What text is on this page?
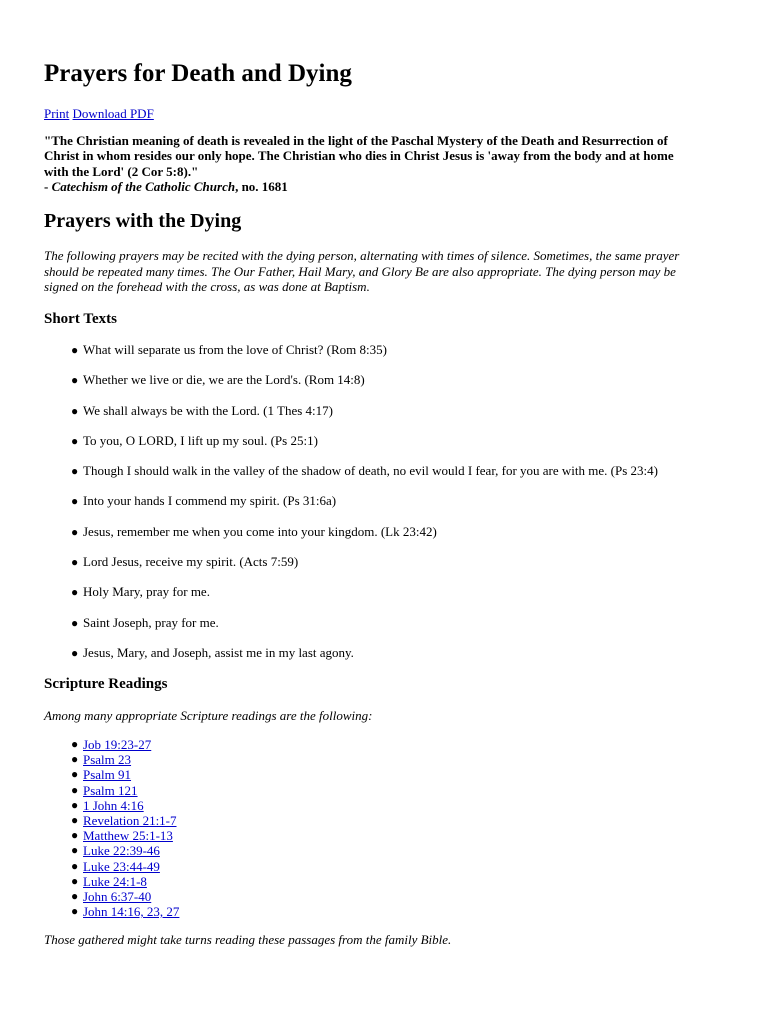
Prayers for Death and Dying
Print Download PDF
"The Christian meaning of death is revealed in the light of the Paschal Mystery of the Death and Resurrection of
Christ in whom resides our only hope. The Christian who dies in Christ Jesus is 'away from the body and at home
with the Lord' (2 Cor 5:8)."
- Catechism of the Catholic Church, no. 1681
Prayers with the Dying
The following prayers may be recited with the dying person, alternating with times of silence. Sometimes, the same prayer
should be repeated many times. The Our Father, Hail Mary, and Glory Be are also appropriate. The dying person may be
signed on the forehead with the cross, as was done at Baptism.
Short Texts
● What will separate us from the love of Christ? (Rom 8:35)
● Whether we live or die, we are the Lord's. (Rom 14:8)
● We shall always be with the Lord. (1 Thes 4:17)
● To you, O LORD, I lift up my soul. (Ps 25:1)
● Though I should walk in the valley of the shadow of death, no evil would I fear, for you are with me. (Ps 23:4)
● Into your hands I commend my spirit. (Ps 31:6a)
● Jesus, remember me when you come into your kingdom. (Lk 23:42)
● Lord Jesus, receive my spirit. (Acts 7:59)
● Holy Mary, pray for me.
● Saint Joseph, pray for me.
● Jesus, Mary, and Joseph, assist me in my last agony.
Scripture Readings
Among many appropriate Scripture readings are the following:
● Job 19:23-27
● Psalm 23
● Psalm 91
● Psalm 121
● 1 John 4:16
● Revelation 21:1-7
● Matthew 25:1-13
● Luke 22:39-46
● Luke 23:44-49
● Luke 24:1-8
● John 6:37-40
● John 14:16, 23, 27
Those gathered might take turns reading these passages from the family Bible.
